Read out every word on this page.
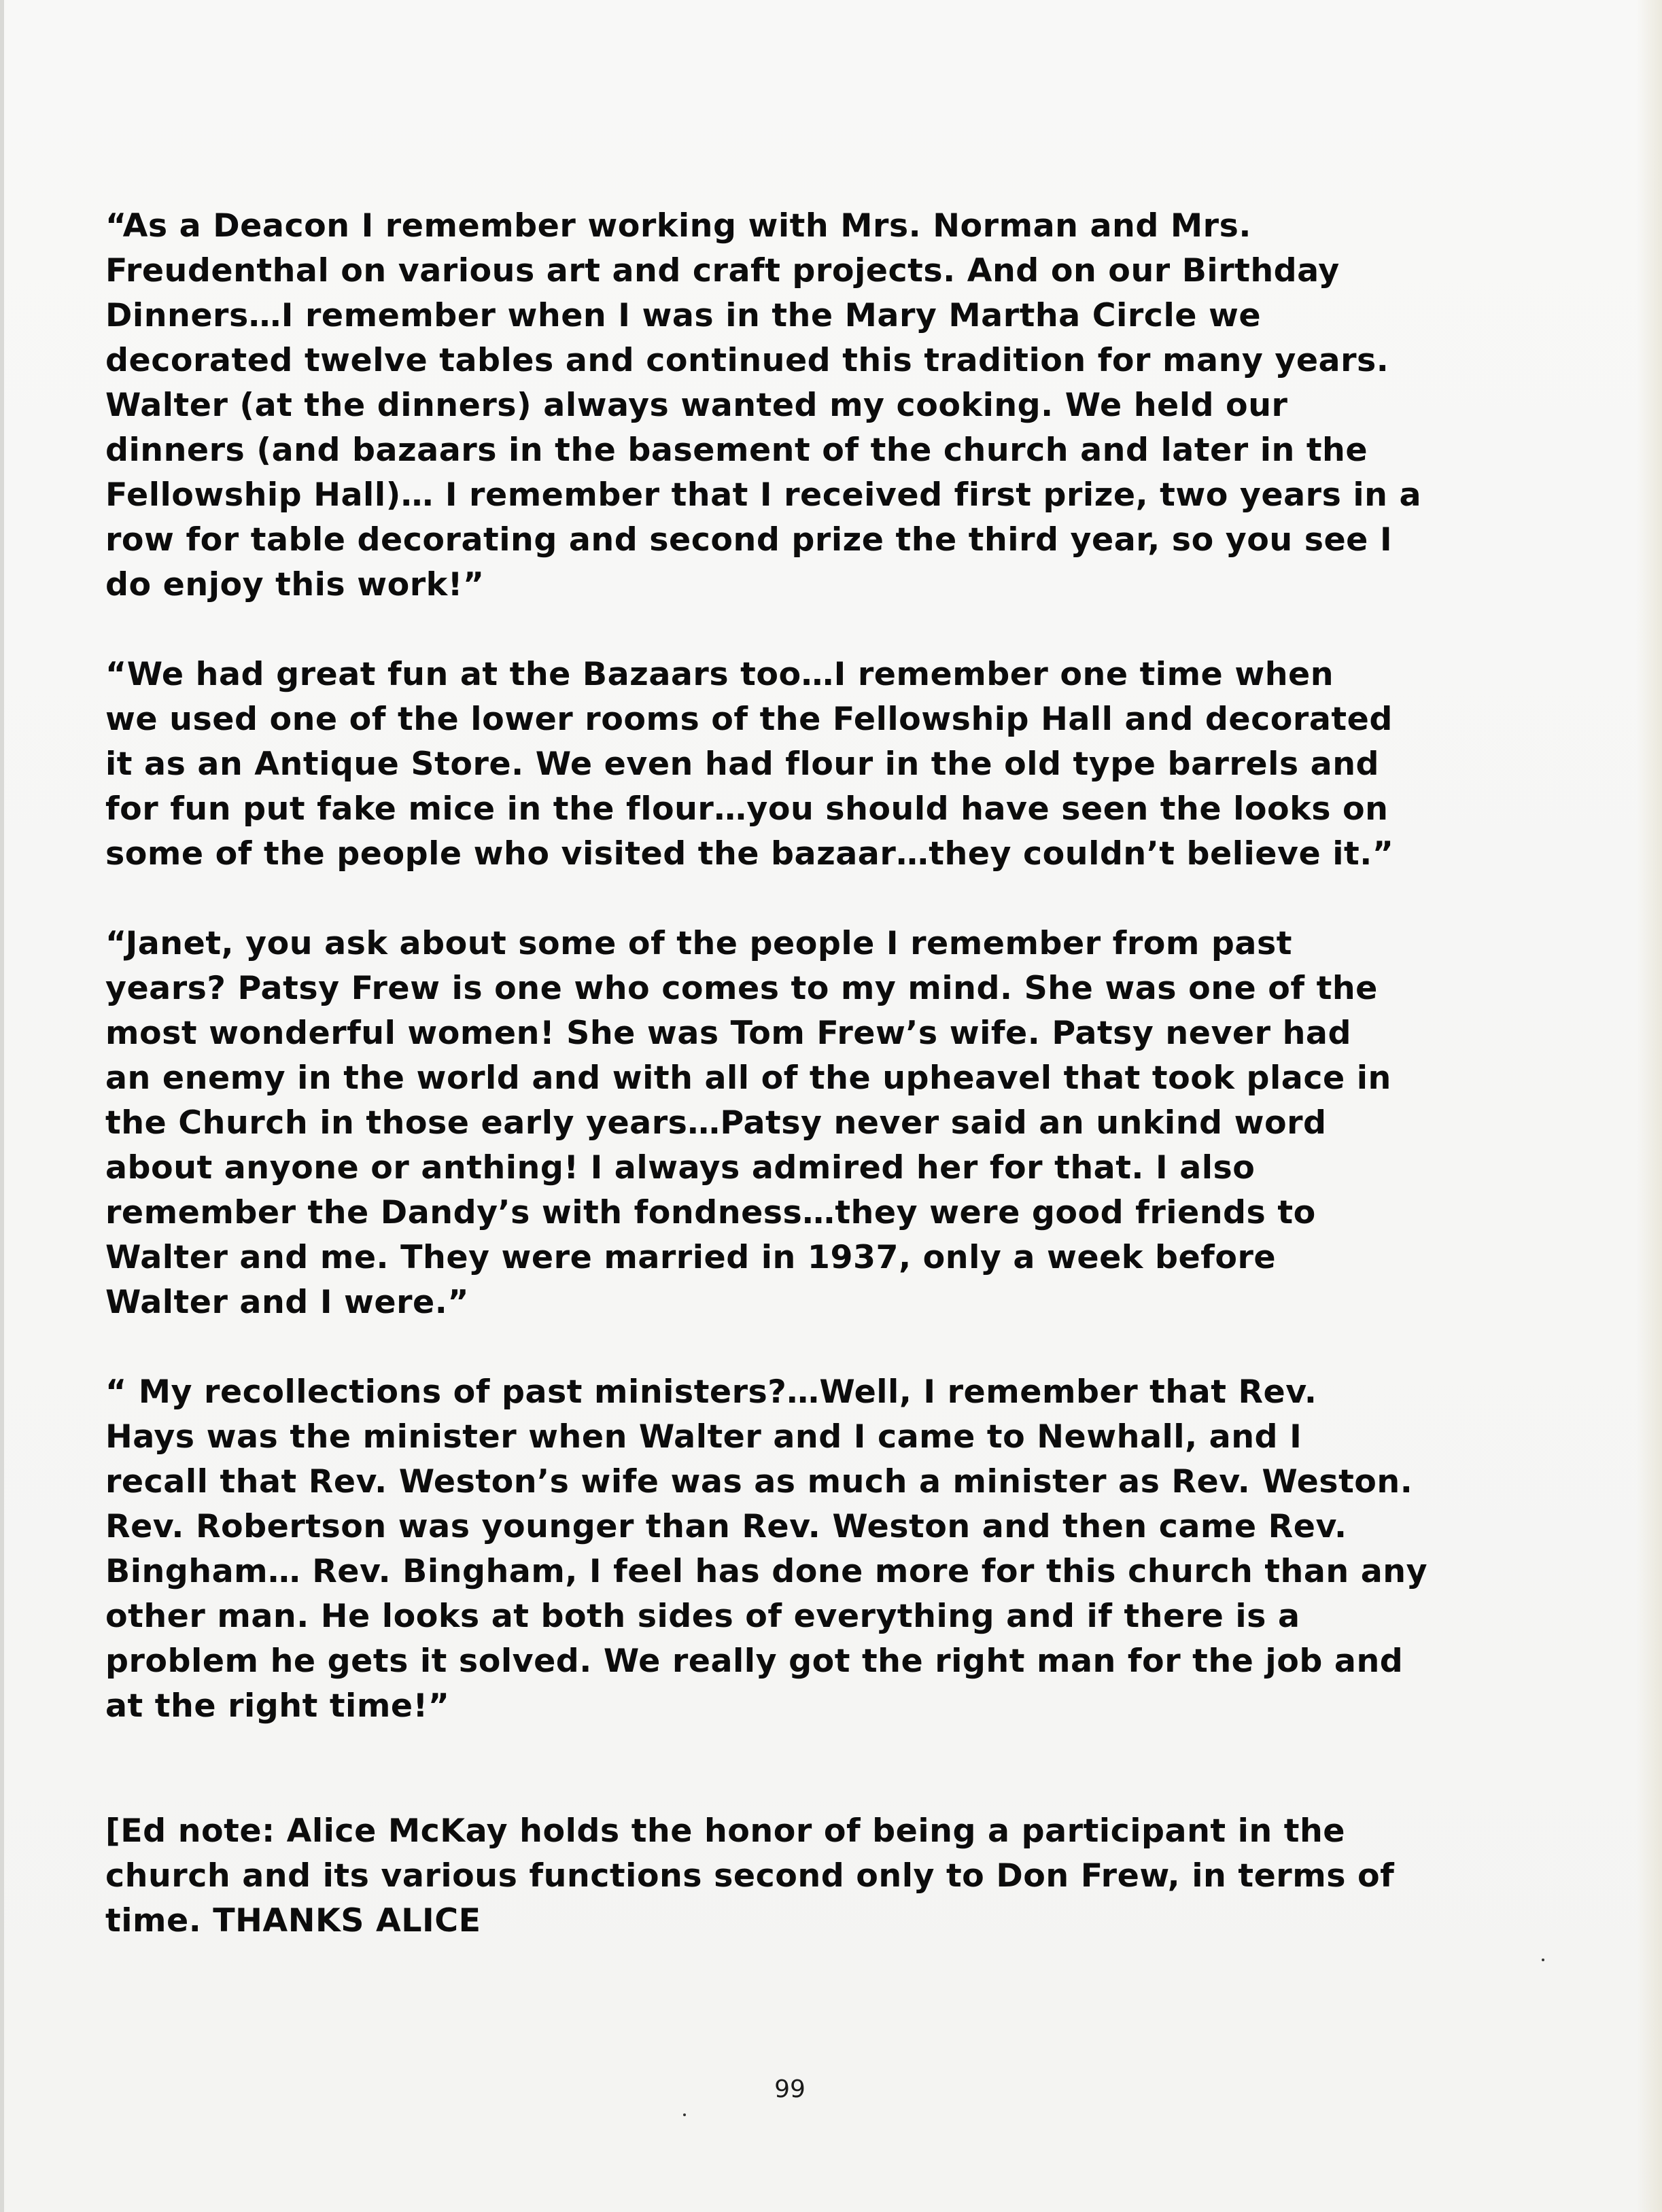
“As a Deacon I remember working with Mrs. Norman and Mrs.
Freudenthal on various art and craft projects. And on our Birthday
Dinners…I remember when I was in the Mary Martha Circle we
decorated twelve tables and continued this tradition for many years.
Walter (at the dinners) always wanted my cooking. We held our
dinners (and bazaars in the basement of the church and later in the
Fellowship Hall)… I remember that I received first prize, two years in a
row for table decorating and second prize the third year, so you see I
do enjoy this work!”

“We had great fun at the Bazaars too…I remember one time when
we used one of the lower rooms of the Fellowship Hall and decorated
it as an Antique Store. We even had flour in the old type barrels and
for fun put fake mice in the flour…you should have seen the looks on
some of the people who visited the bazaar…they couldn’t believe it.”

“Janet, you ask about some of the people I remember from past
years? Patsy Frew is one who comes to my mind. She was one of the
most wonderful women! She was Tom Frew’s wife. Patsy never had
an enemy in the world and with all of the upheavel that took place in
the Church in those early years…Patsy never said an unkind word
about anyone or anthing! I always admired her for that. I also
remember the Dandy’s with fondness…they were good friends to
Walter and me. They were married in 1937, only a week before
Walter and I were.”

“ My recollections of past ministers?…Well, I remember that Rev.
Hays was the minister when Walter and I came to Newhall, and I
recall that Rev. Weston’s wife was as much a minister as Rev. Weston.
Rev. Robertson was younger than Rev. Weston and then came Rev.
Bingham… Rev. Bingham, I feel has done more for this church than any
other man. He looks at both sides of everything and if there is a
problem he gets it solved. We really got the right man for the job and
at the right time!”

[Ed note: Alice McKay holds the honor of being a participant in the
church and its various functions second only to Don Frew, in terms of
time. THANKS ALICE

99
